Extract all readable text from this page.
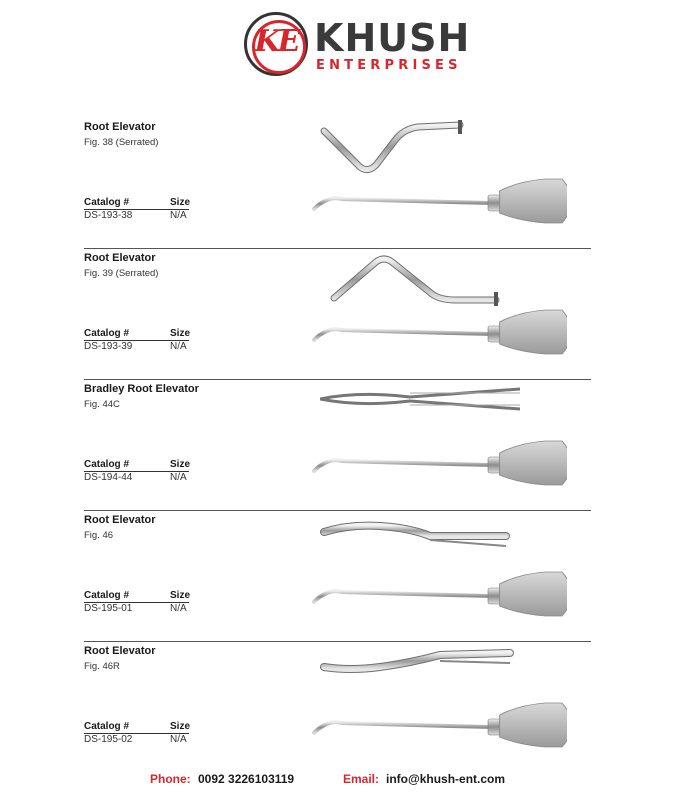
KE KHUSH
ENTERPRISES
Root Elevator
Fig. 38 (Serrated)
Catalog #	Size
DS-193-38	N/A
Root Elevator
Fig. 39 (Serrated)
Catalog #	Size
DS-193-39	N/A
Bradley Root Elevator
Fig. 44C
Catalog #	Size
DS-194-44	N/A
Root Elevator
Fig. 46
Catalog #	Size
DS-195-01	N/A
Root Elevator
Fig. 46R
Catalog #	Size
DS-195-02	N/A
Phone: 0092 3226103119	Email: info@khush-ent.com
